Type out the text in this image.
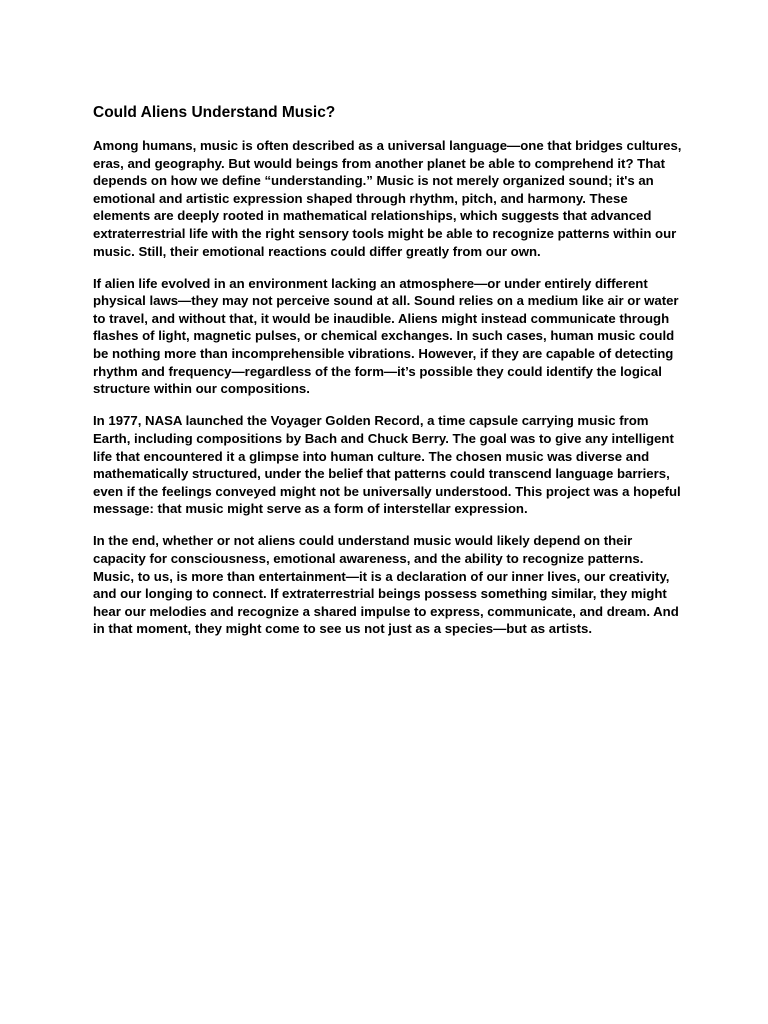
Could Aliens Understand Music?

Among humans, music is often described as a universal language—one that bridges cultures, eras, and geography. But would beings from another planet be able to comprehend it? That depends on how we define “understanding.” Music is not merely organized sound; it's an emotional and artistic expression shaped through rhythm, pitch, and harmony. These elements are deeply rooted in mathematical relationships, which suggests that advanced extraterrestrial life with the right sensory tools might be able to recognize patterns within our music. Still, their emotional reactions could differ greatly from our own.

If alien life evolved in an environment lacking an atmosphere—or under entirely different physical laws—they may not perceive sound at all. Sound relies on a medium like air or water to travel, and without that, it would be inaudible. Aliens might instead communicate through flashes of light, magnetic pulses, or chemical exchanges. In such cases, human music could be nothing more than incomprehensible vibrations. However, if they are capable of detecting rhythm and frequency—regardless of the form—it’s possible they could identify the logical structure within our compositions.

In 1977, NASA launched the Voyager Golden Record, a time capsule carrying music from Earth, including compositions by Bach and Chuck Berry. The goal was to give any intelligent life that encountered it a glimpse into human culture. The chosen music was diverse and mathematically structured, under the belief that patterns could transcend language barriers, even if the feelings conveyed might not be universally understood. This project was a hopeful message: that music might serve as a form of interstellar expression.

In the end, whether or not aliens could understand music would likely depend on their capacity for consciousness, emotional awareness, and the ability to recognize patterns. Music, to us, is more than entertainment—it is a declaration of our inner lives, our creativity, and our longing to connect. If extraterrestrial beings possess something similar, they might hear our melodies and recognize a shared impulse to express, communicate, and dream. And in that moment, they might come to see us not just as a species—but as artists.
